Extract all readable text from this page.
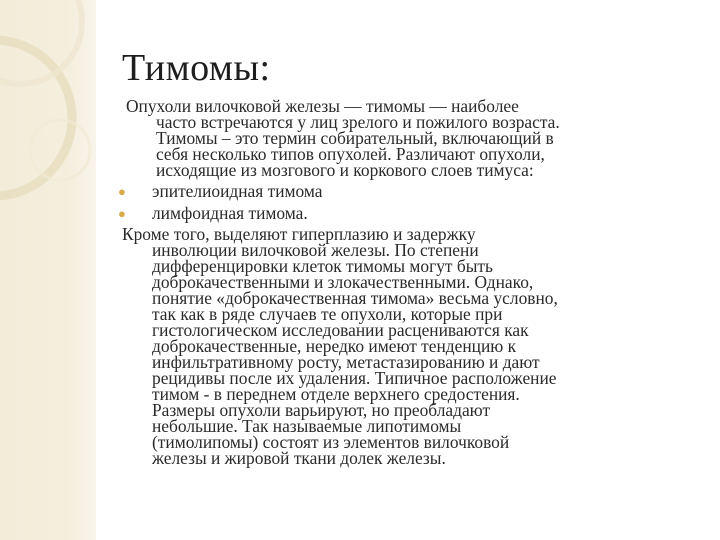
Тимомы:
Опухоли вилочковой железы — тимомы — наиболее
часто встречаются у лиц зрелого и пожилого возраста.
Тимомы – это термин собирательный, включающий в
себя несколько типов опухолей. Различают опухоли,
исходящие из мозгового и коркового слоев тимуса:
● эпителиоидная тимома
● лимфоидная тимома.
Кроме того, выделяют гиперплазию и задержку
инволюции вилочковой железы. По степени
дифференцировки клеток тимомы могут быть
доброкачественными и злокачественными. Однако,
понятие «доброкачественная тимома» весьма условно,
так как в ряде случаев те опухоли, которые при
гистологическом исследовании расцениваются как
доброкачественные, нередко имеют тенденцию к
инфильтративному росту, метастазированию и дают
рецидивы после их удаления. Типичное расположение
тимом - в переднем отделе верхнего средостения.
Размеры опухоли варьируют, но преобладают
небольшие. Так называемые липотимомы
(тимолипомы) состоят из элементов вилочковой
железы и жировой ткани долек железы.
